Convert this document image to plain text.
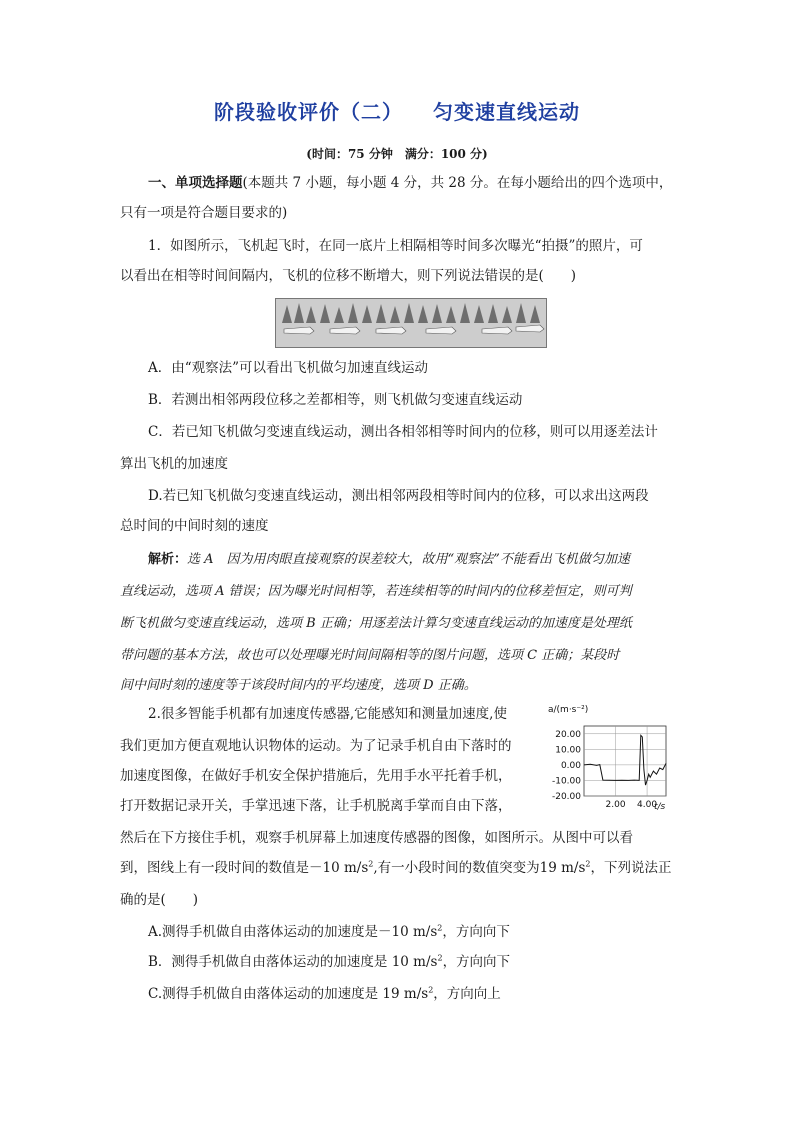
阶段验收评价（二） 匀变速直线运动
(时间：75 分钟　满分：100 分)
一、单项选择题(本题共 7 小题，每小题 4 分，共 28 分。在每小题给出的四个选项中，
只有一项是符合题目要求的)
1．如图所示，飞机起飞时，在同一底片上相隔相等时间多次曝光“拍摄”的照片，可
以看出在相等时间间隔内，飞机的位移不断增大，则下列说法错误的是(　　)
A．由“观察法”可以看出飞机做匀加速直线运动
B．若测出相邻两段位移之差都相等，则飞机做匀变速直线运动
C．若已知飞机做匀变速直线运动，测出各相邻相等时间内的位移，则可以用逐差法计
算出飞机的加速度
D.若已知飞机做匀变速直线运动，测出相邻两段相等时间内的位移，可以求出这两段
总时间的中间时刻的速度
解析：选 A　因为用肉眼直接观察的误差较大，故用“观察法”不能看出飞机做匀加速
直线运动，选项 A 错误；因为曝光时间相等，若连续相等的时间内的位移差恒定，则可判
断飞机做匀变速直线运动，选项 B 正确；用逐差法计算匀变速直线运动的加速度是处理纸
带问题的基本方法，故也可以处理曝光时间间隔相等的图片问题，选项 C 正确；某段时
间中间时刻的速度等于该段时间内的平均速度，选项 D 正确。
2.很多智能手机都有加速度传感器,它能感知和测量加速度,使
我们更加方便直观地认识物体的运动。为了记录手机自由下落时的
加速度图像，在做好手机安全保护措施后，先用手水平托着手机，
打开数据记录开关，手掌迅速下落，让手机脱离手掌而自由下落，
然后在下方接住手机，观察手机屏幕上加速度传感器的图像，如图所示。从图中可以看
到，图线上有一段时间的数值是－10 $m/s^2$,有一小段时间的数值突变为19 $m/s^2$，下列说法正
确的是(　　)
A.测得手机做自由落体运动的加速度是－10 $m/s^2$，方向向下
B．测得手机做自由落体运动的加速度是 10 $m/s^2$，方向向下
C.测得手机做自由落体运动的加速度是 19 $m/s^2$，方向向上
a/(m·s⁻²)
20.00
10.00
0.00
-10.00
-20.00
2.00 4.00
t/s
